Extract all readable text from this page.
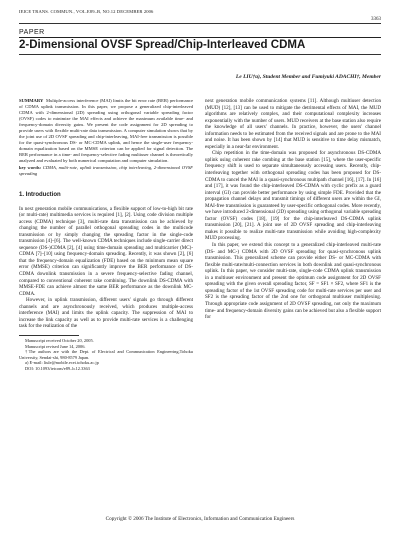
IEICE TRANS. COMMUN., VOL.E89–B, NO.12 DECEMBER 2006
3363
PAPER
2-Dimensional OVSF Spread/Chip-Interleaved CDMA
Le LIU†a), Student Member and Fumiyuki ADACHI†, Member
SUMMARY Multiple-access interference (MAI) limits the bit error rate (BER) performance of CDMA uplink transmission. In this paper, we propose a generalized chip-interleaved CDMA with 2-dimensional (2D) spreading using orthogonal variable spreading factor (OVSF) codes to minimize the MAI effects and achieve the maximum available time- and frequency-domain diversity gains. We present the code assignment for 2D spreading to provide users with flexible multi-rate data transmission. A computer simulation shows that by the joint use of 2D OVSF spreading and chip-interleaving, MAI-free transmission is possible for the quasi-synchronous DS- or MC-CDMA uplink, and hence the single-user frequency-domain equalization based on the MMSE criterion can be applied for signal detection. The BER performance in a time- and frequency-selective fading multiuser channel is theoretically analyzed and evaluated by both numerical computation and computer simulation.
key words: CDMA, multi-rate, uplink transmission, chip interleaving, 2-dimensional OVSF spreading
1. Introduction

In next generation mobile communications, a flexible support of low-to-high bit rate (or multi-rate) multimedia services is required [1], [2]. Using code division multiple access (CDMA) technique [3], multi-rate data transmission can be achieved by changing the number of parallel orthogonal spreading codes in the multicode transmission or by simply changing the spreading factor in the single-code transmission [4]–[6]. The well-known CDMA techniques include single-carrier direct sequence (DS-)CDMA [2], [4] using time-domain spreading and multicarrier (MC)-CDMA [7]–[10] using frequency-domain spreading. Recently, it was shown [2], [6] that the frequency-domain equalization (FDE) based on the minimum mean square error (MMSE) criterion can significantly improve the BER performance of DS-CDMA downlink transmission in a severe frequency-selective fading channel, compared to conventional coherent rake combining. The downlink DS-CDMA with MMSE-FDE can achieve almost the same BER performance as the downlink MC-CDMA.

However, in uplink transmission, different users' signals go through different channels and are asynchronously received, which produces multiple-access interference (MAI) and limits the uplink capacity. The suppression of MAI to increase the link capacity as well as to provide multi-rate services is a challenging task for the realization of the

Manuscript received October 20, 2005.
Manuscript revised June 14, 2006.
†The authors are with the Dept. of Electrical and Communication Engineering,Tohoku University, Sendai-shi, 980-8579 Japan.
a) E-mail: liule@mobile.ecei.tohoku.ac.jp
DOI: 10.1093/ietcom/e89–b.12.3363

next generation mobile communication systems [11]. Although multiuser detection (MUD) [12], [13] can be used to mitigate the detrimental effects of MAI, the MUD algorithms are relatively complex, and their computational complexity increases exponentially with the number of users. MUD receivers at the base station also require the knowledge of all users' channels. In practice, however, the users' channel information needs to be estimated from the received signals and are prone to the MAI and noise. It has been shown by [14] that MUD is sensitive to time delay mismatch, especially in a near-far environment.

Chip repetition in the time-domain was proposed for asynchronous DS-CDMA uplink using coherent rake combing at the base station [15], where the user-specific frequency shift is used to separate simultaneously accessing users. Recently, chip-interleaving together with orthogonal spreading codes has been proposed for DS-CDMA to cancel the MAI in a quasi-synchronous multipath channel [16], [17]. In [16] and [17], it was found the chip-interleaved DS-CDMA with cyclic prefix as a guard interval (GI) can provide better performance by using simple FDE. Provided that the propagation channel delays and transmit timings of different users are within the GI, MAI-free transmission is guaranteed by user-specific orthogonal codes. More recently, we have introduced 2-dimensional (2D) spreading using orthogonal variable spreading factor (OVSF) codes [18], [19] for the chip-interleaved DS-CDMA uplink transmission [20], [21]. A joint use of 2D OVSF spreading and chip-interleaving makes it possible to realize multi-rate transmission while avoiding high-complexity MUD processing.

In this paper, we extend this concept to a generalized chip-interleaved multi-rate (DS- and MC-) CDMA with 2D OVSF spreading for quasi-synchronous uplink transmission. This generalized scheme can provide either DS- or MC-CDMA with flexible multi-rate/multi-connection services in both downlink and quasi-synchronous uplink. In this paper, we consider multi-rate, single-code CDMA uplink transmission in a multiuser environment and present the optimum code assignment for 2D OVSF spreading with the given overall spreading factor, SF = SF1 × SF2, where SF1 is the spreading factor of the 1st OVSF spreading code for multi-rate services per user and SF2 is the spreading factor of the 2nd one for orthogonal multiuser multiplexing. Through appropriate code assignment of 2D OVSF spreading, not only the maximum time- and frequency-domain diversity gains can be achieved but also a flexible support for

Copyright © 2006 The Institute of Electronics, Information and Communication Engineers
